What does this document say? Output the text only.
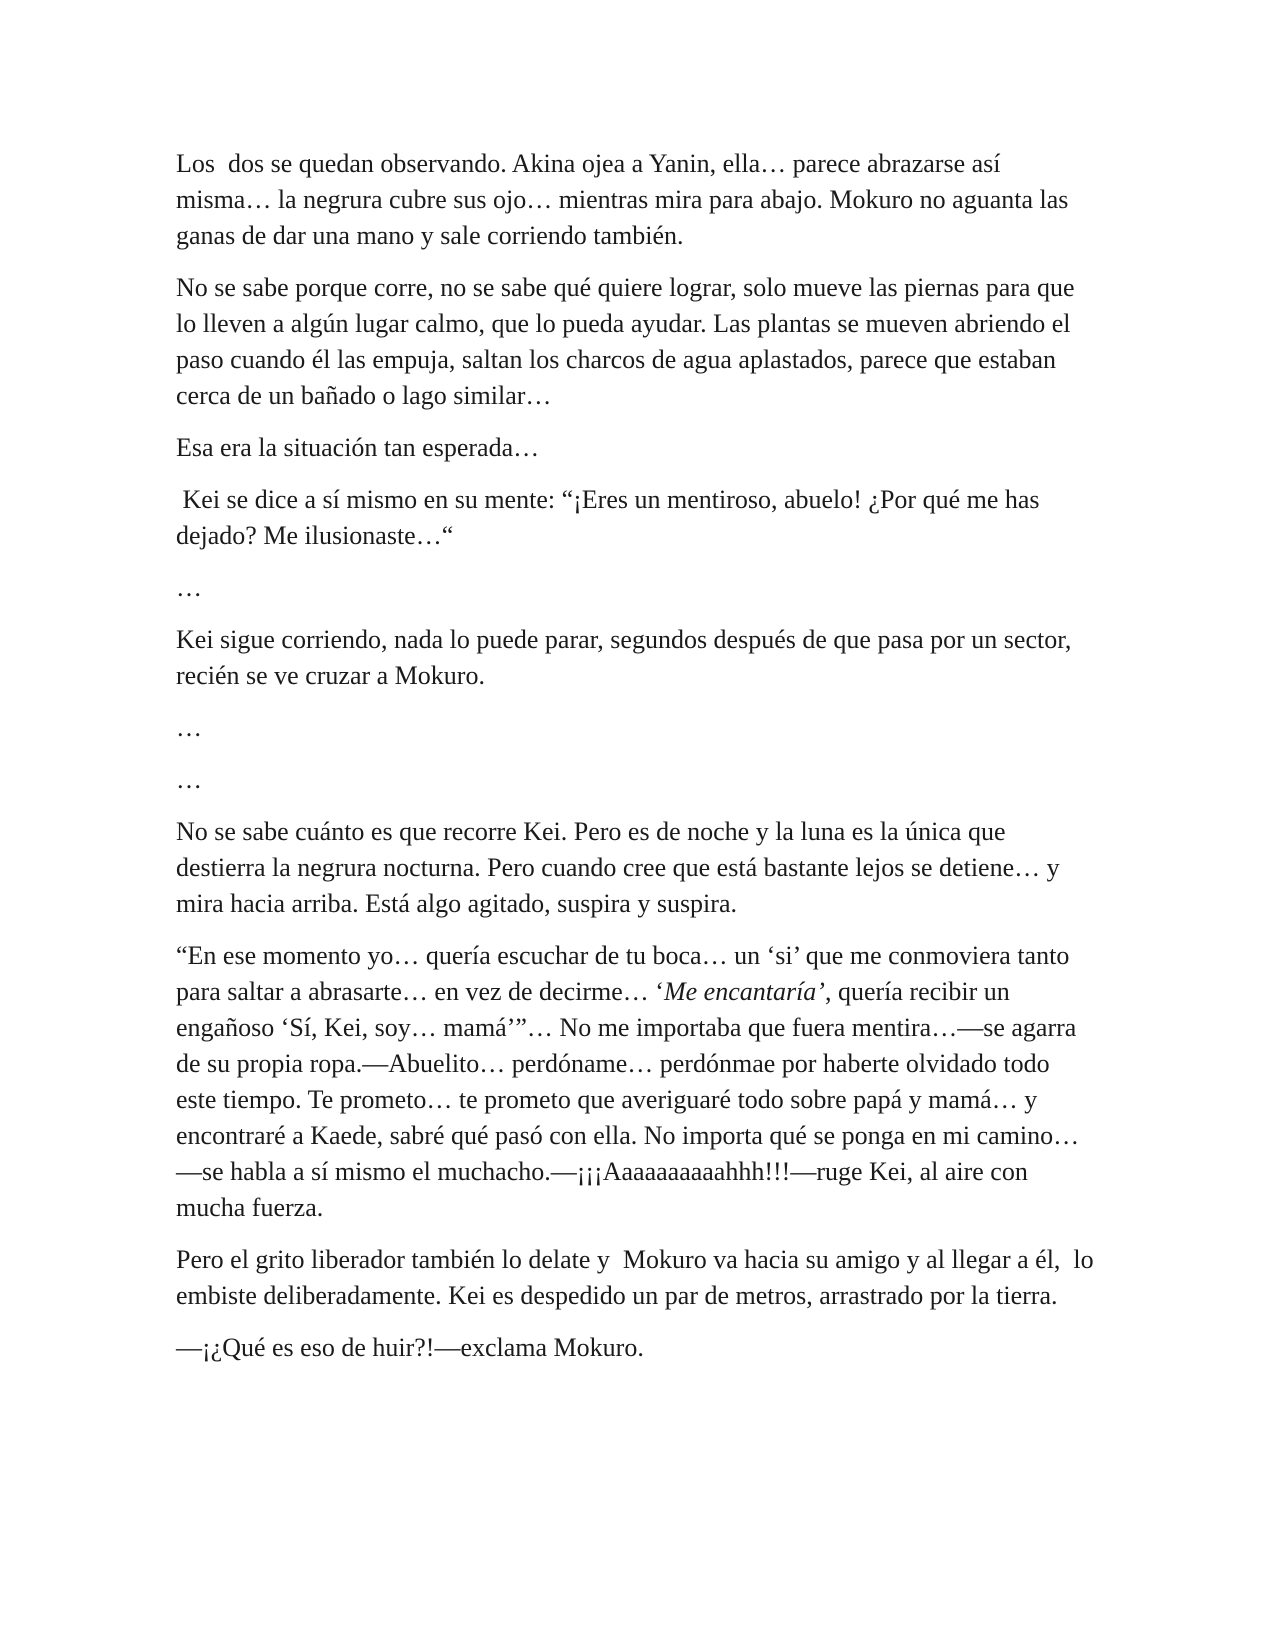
Los  dos se quedan observando. Akina ojea a Yanin, ella… parece abrazarse así misma… la negrura cubre sus ojo… mientras mira para abajo. Mokuro no aguanta las ganas de dar una mano y sale corriendo también.

No se sabe porque corre, no se sabe qué quiere lograr, solo mueve las piernas para que lo lleven a algún lugar calmo, que lo pueda ayudar. Las plantas se mueven abriendo el paso cuando él las empuja, saltan los charcos de agua aplastados, parece que estaban cerca de un bañado o lago similar…

Esa era la situación tan esperada…

Kei se dice a sí mismo en su mente: “¡Eres un mentiroso, abuelo! ¿Por qué me has dejado? Me ilusionaste…“

…

Kei sigue corriendo, nada lo puede parar, segundos después de que pasa por un sector, recién se ve cruzar a Mokuro.

…

…

No se sabe cuánto es que recorre Kei. Pero es de noche y la luna es la única que destierra la negrura nocturna. Pero cuando cree que está bastante lejos se detiene… y mira hacia arriba. Está algo agitado, suspira y suspira.

“En ese momento yo… quería escuchar de tu boca… un ‘si’ que me conmoviera tanto para saltar a abrasarte… en vez de decirme… ‘Me encantaría’, quería recibir un engañoso ‘Sí, Kei, soy… mamá’”… No me importaba que fuera mentira…—se agarra de su propia ropa.—Abuelito… perdóname… perdónmae por haberte olvidado todo este tiempo. Te prometo… te prometo que averiguaré todo sobre papá y mamá… y encontraré a Kaede, sabré qué pasó con ella. No importa qué se ponga en mi camino…—se habla a sí mismo el muchacho.—¡¡¡Aaaaaaaaaahhh!!!—ruge Kei, al aire con mucha fuerza.

Pero el grito liberador también lo delate y  Mokuro va hacia su amigo y al llegar a él,  lo embiste deliberadamente. Kei es despedido un par de metros, arrastrado por la tierra.

—¡¿Qué es eso de huir?!—exclama Mokuro.
